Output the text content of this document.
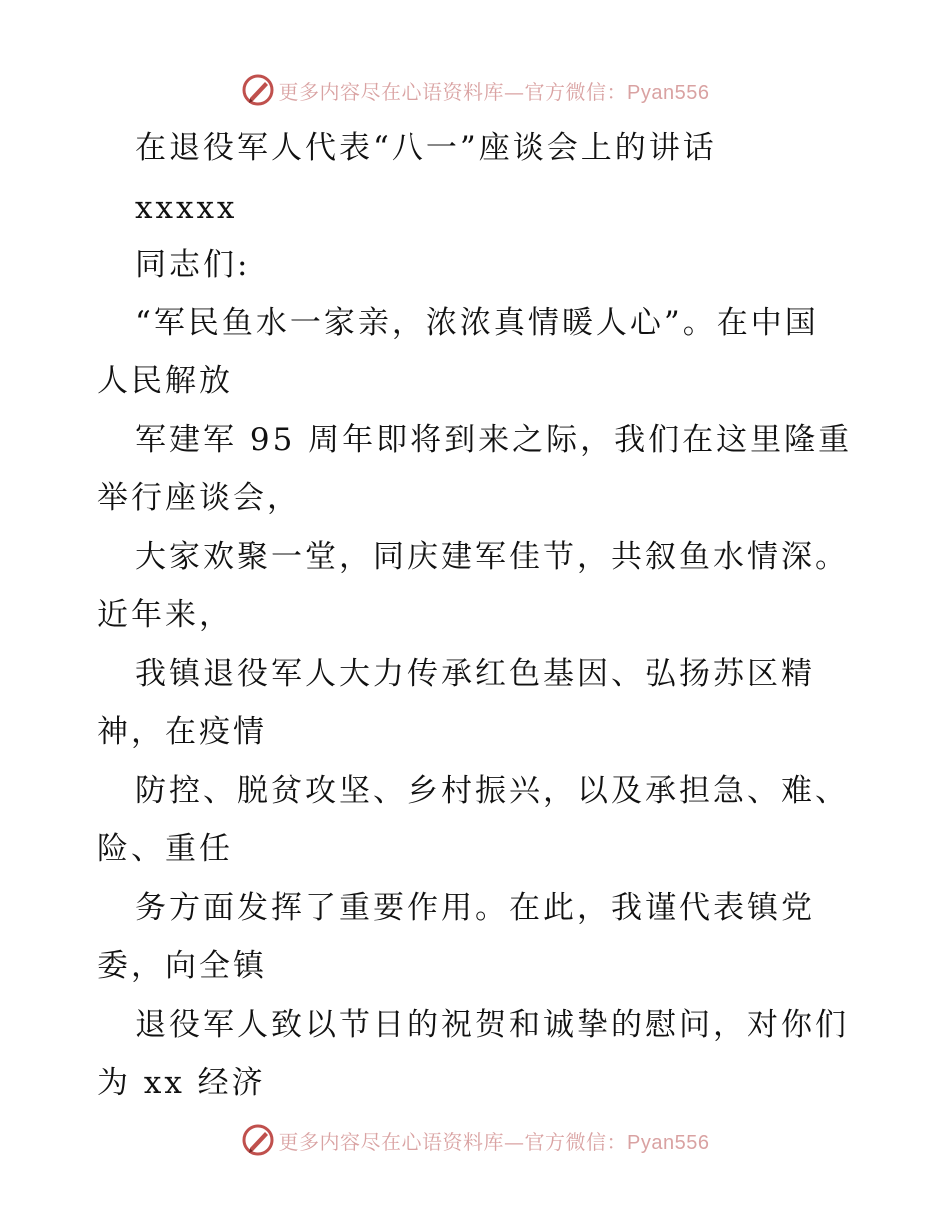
更多内容尽在心语资料库—官方微信：Pyan556
在退役军人代表“八一”座谈会上的讲话
xxxxx
同志们:
“军民鱼水一家亲，浓浓真情暖人心”。在中国
人民解放
军建军 95 周年即将到来之际，我们在这里隆重
举行座谈会，
大家欢聚一堂，同庆建军佳节，共叙鱼水情深。
近年来，
我镇退役军人大力传承红色基因、弘扬苏区精
神，在疫情
防控、脱贫攻坚、乡村振兴，以及承担急、难、
险、重任
务方面发挥了重要作用。在此，我谨代表镇党
委，向全镇
退役军人致以节日的祝贺和诚挚的慰问，对你们
为 xx 经济
更多内容尽在心语资料库—官方微信：Pyan556
